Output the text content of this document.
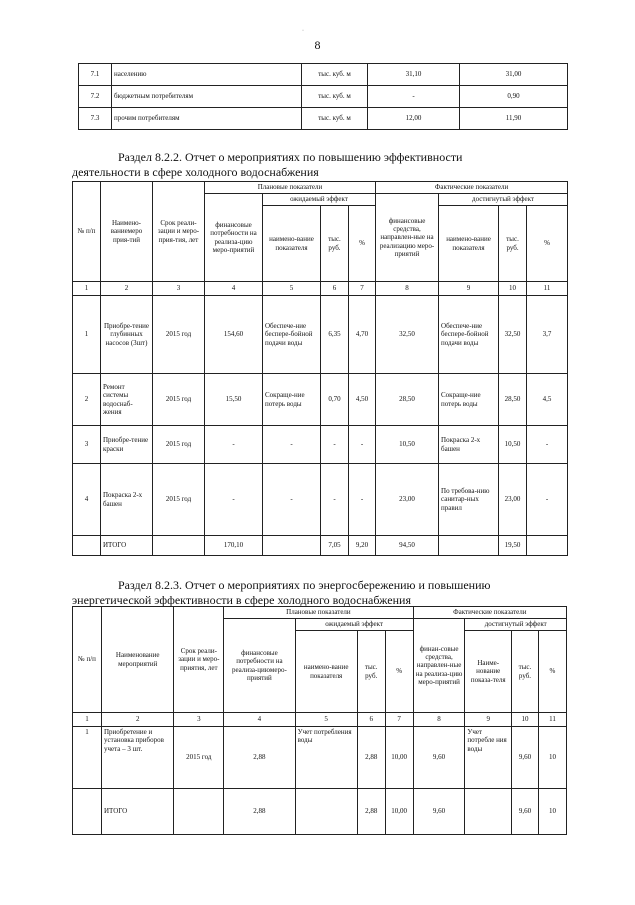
·
8
7.1	населению	тыс. куб. м	31,10	31,00
7.2	бюджетным потребителям	тыс. куб. м	-	0,90
7.3	прочим потребителям	тыс. куб. м	12,00	11,90
Раздел 8.2.2. Отчет о мероприятиях по повышению эффективности
деятельности в сфере холодного водоснабжения
№ п/п	Наимено-ваниемеро прия-тий	Срок реали-зации и меро-прия-тия, лет	Плановые показатели				Фактические показатели			
			финансовые потребности на реализа-цию меро-приятий	ожидаемый эффект			финансовые средства, направлен-ные на реализацию меро-приятий	достигнутый эффект		
				наимено-вание показателя	тыс. руб.	%		наимено-вание показателя	тыс. руб.	%
1	2	3	4	5	6	7	8	9	10	11
1	Приобре-тение глубинных насосов (3шт)	2015 год	154,60	Обеспече-ние беспере-бойной подачи воды	6,35	4,70	32,50	Обеспече-ние беспере-бойной подачи воды	32,50	3,7
2	Ремонт системы водоснаб-жения	2015 год	15,50	Сокраще-ние потерь воды	0,70	4,50	28,50	Сокраще-ние потерь воды	28,50	4,5
3	Приобре-тение краски	2015 год	-	-	-	-	10,50	Покраска 2-х башен	10,50	-
4	Покраска 2-х башен	2015 год	-	-	-	-	23,00	По требова-нию санитар-ных правил	23,00	-
	ИТОГО		170,10		7,05	9,20	94,50		19,50	
Раздел 8.2.3. Отчет о мероприятиях по энергосбережению и повышению
энергетической эффективности в сфере холодного водоснабжения
№ п/п	Наименование мероприятий	Срок реали-зации и меро-приятия, лет	Плановые показатели				Фактические показатели			
			финансовые потребности на реализа-циюмеро-приятий	ожидаемый эффект			финан-совые средства, направлен-ные на реализа-цию меро-приятий	достигнутый эффект		
				наимено-вание показателя	тыс. руб.	%		Наиме-нование показа-теля	тыс. руб.	%
1	2	3	4	5	6	7	8	9	10	11
1	Приобретение и установка приборов учета – 3 шт.	2015 год	2,88	Учет потребления воды	2,88	10,00	9,60	Учет потребле ния воды	9,60	10
	ИТОГО		2,88		2,88	10,00	9,60		9,60	10
